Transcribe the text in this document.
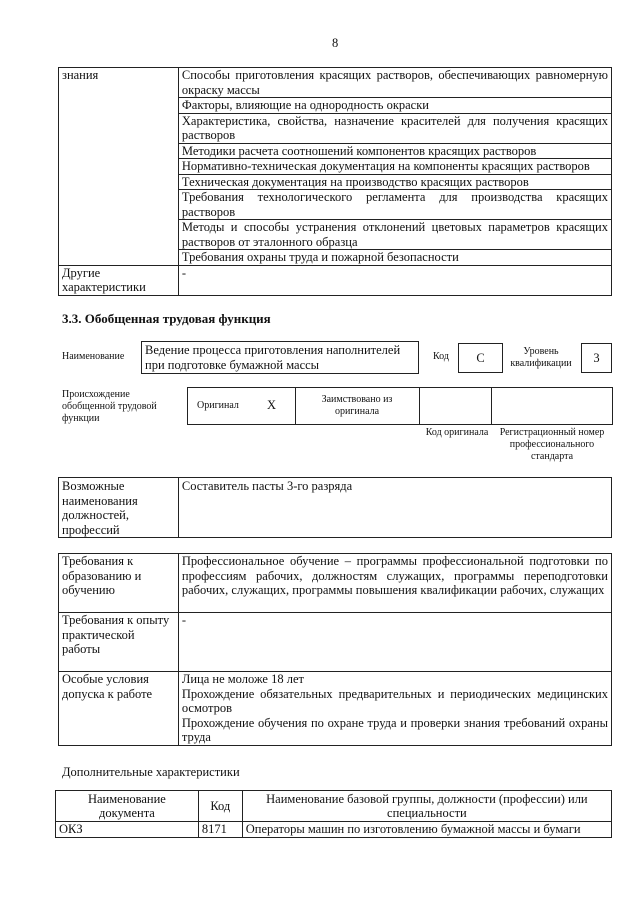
8
знания	Способы приготовления красящих растворов, обеспечивающих равномерную окраску массы
	Факторы, влияющие на однородность окраски
	Характеристика, свойства, назначение красителей для получения красящих растворов
	Методики расчета соотношений компонентов красящих растворов
	Нормативно-техническая документация на компоненты красящих растворов
	Техническая документация на производство красящих растворов
	Требования технологического регламента для производства красящих растворов
	Методы и способы устранения отклонений цветовых параметров красящих растворов от эталонного образца
	Требования охраны труда и пожарной безопасности
Другие характеристики	-
3.3. Обобщенная трудовая функция
Наименование	Ведение процесса приготовления наполнителей при подготовке бумажной массы
Код	C	Уровень квалификации	3
Происхождение обобщенной трудовой функции
Оригинал X	Заимствовано из оригинала
Код оригинала	Регистрационный номер профессионального стандарта
Возможные наименования должностей, профессий	Составитель пасты 3-го разряда
Требования к образованию и обучению	Профессиональное обучение – программы профессиональной подготовки по профессиям рабочих, должностям служащих, программы переподготовки рабочих, служащих, программы повышения квалификации рабочих, служащих
Требования к опыту практической работы	-
Особые условия допуска к работе	Лица не моложе 18 лет
Прохождение обязательных предварительных и периодических медицинских осмотров
Прохождение обучения по охране труда и проверки знания требований охраны труда
Дополнительные характеристики
Наименование документа	Код	Наименование базовой группы, должности (профессии) или специальности
ОКЗ	8171	Операторы машин по изготовлению бумажной массы и бумаги
